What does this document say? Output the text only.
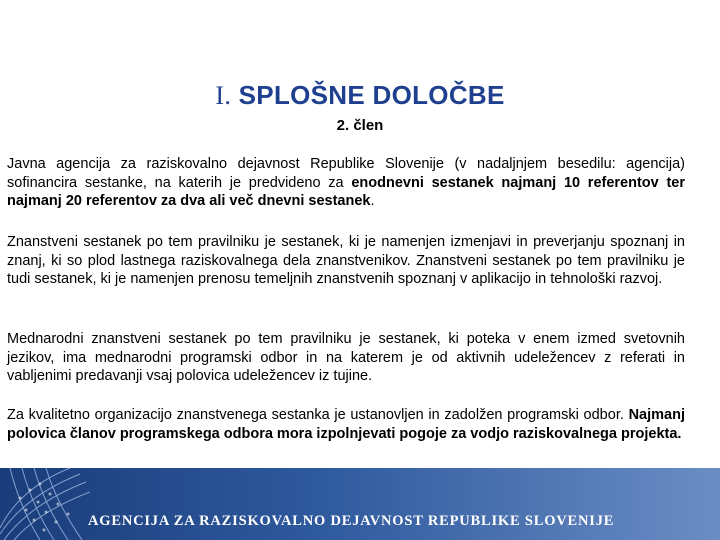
I. SPLOŠNE DOLOČBE
2. člen
Javna agencija za raziskovalno dejavnost Republike Slovenije (v nadaljnjem besedilu: agencija) sofinancira sestanke, na katerih je predvideno za enodnevni sestanek najmanj 10 referentov ter najmanj 20 referentov za dva ali več dnevni sestanek.
Znanstveni sestanek po tem pravilniku je sestanek, ki je namenjen izmenjavi in preverjanju spoznanj in znanj, ki so plod lastnega raziskovalnega dela znanstvenikov. Znanstveni sestanek po tem pravilniku je tudi sestanek, ki je namenjen prenosu temeljnih znanstvenih spoznanj v aplikacijo in tehnološki razvoj.
Mednarodni znanstveni sestanek po tem pravilniku je sestanek, ki poteka v enem izmed svetovnih jezikov, ima mednarodni programski odbor in na katerem je od aktivnih udeležencev z referati in vabljenimi predavanji vsaj polovica udeležencev iz tujine.
Za kvalitetno organizacijo znanstvenega sestanka je ustanovljen in zadolžen programski odbor. Najmanj polovica članov programskega odbora mora izpolnjevati pogoje za vodjo raziskovalnega projekta.
AGENCIJA ZA RAZISKOVALNO DEJAVNOST REPUBLIKE SLOVENIJE
